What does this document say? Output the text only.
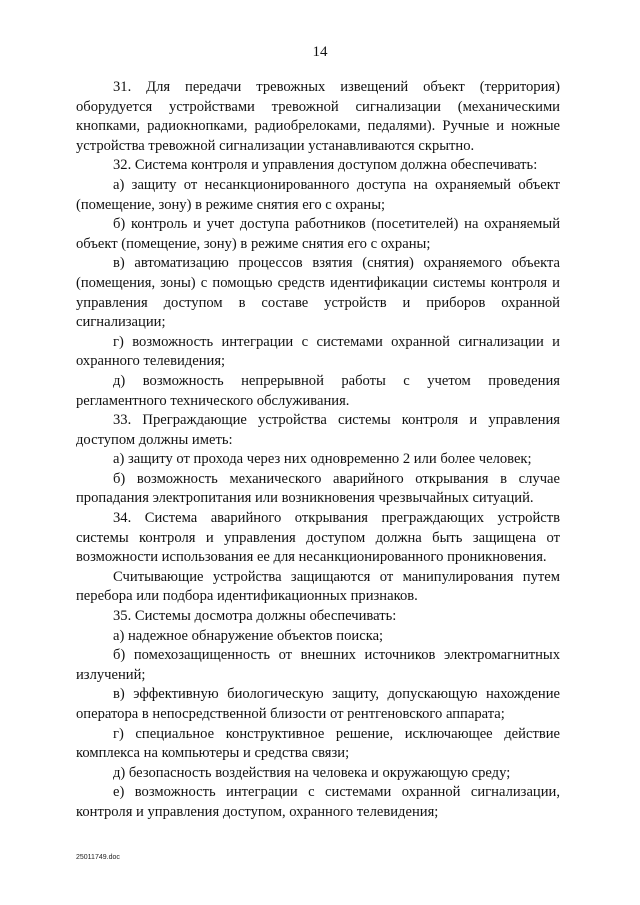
14

31. Для передачи тревожных извещений объект (территория) оборудуется устройствами тревожной сигнализации (механическими кнопками, радиокнопками, радиобрелоками, педалями). Ручные и ножные устройства тревожной сигнализации устанавливаются скрытно.

32. Система контроля и управления доступом должна обеспечивать:

а) защиту от несанкционированного доступа на охраняемый объект (помещение, зону) в режиме снятия его с охраны;

б) контроль и учет доступа работников (посетителей) на охраняемый объект (помещение, зону) в режиме снятия его с охраны;

в) автоматизацию процессов взятия (снятия) охраняемого объекта (помещения, зоны) с помощью средств идентификации системы контроля и управления доступом в составе устройств и приборов охранной сигнализации;

г) возможность интеграции с системами охранной сигнализации и охранного телевидения;

д) возможность непрерывной работы с учетом проведения регламентного технического обслуживания.

33. Преграждающие устройства системы контроля и управления доступом должны иметь:

а) защиту от прохода через них одновременно 2 или более человек;

б) возможность механического аварийного открывания в случае пропадания электропитания или возникновения чрезвычайных ситуаций.

34. Система аварийного открывания преграждающих устройств системы контроля и управления доступом должна быть защищена от возможности использования ее для несанкционированного проникновения.

Считывающие устройства защищаются от манипулирования путем перебора или подбора идентификационных признаков.

35. Системы досмотра должны обеспечивать:

а) надежное обнаружение объектов поиска;

б) помехозащищенность от внешних источников электромагнитных излучений;

в) эффективную биологическую защиту, допускающую нахождение оператора в непосредственной близости от рентгеновского аппарата;

г) специальное конструктивное решение, исключающее действие комплекса на компьютеры и средства связи;

д) безопасность воздействия на человека и окружающую среду;

е) возможность интеграции с системами охранной сигнализации, контроля и управления доступом, охранного телевидения;

25011749.doc
